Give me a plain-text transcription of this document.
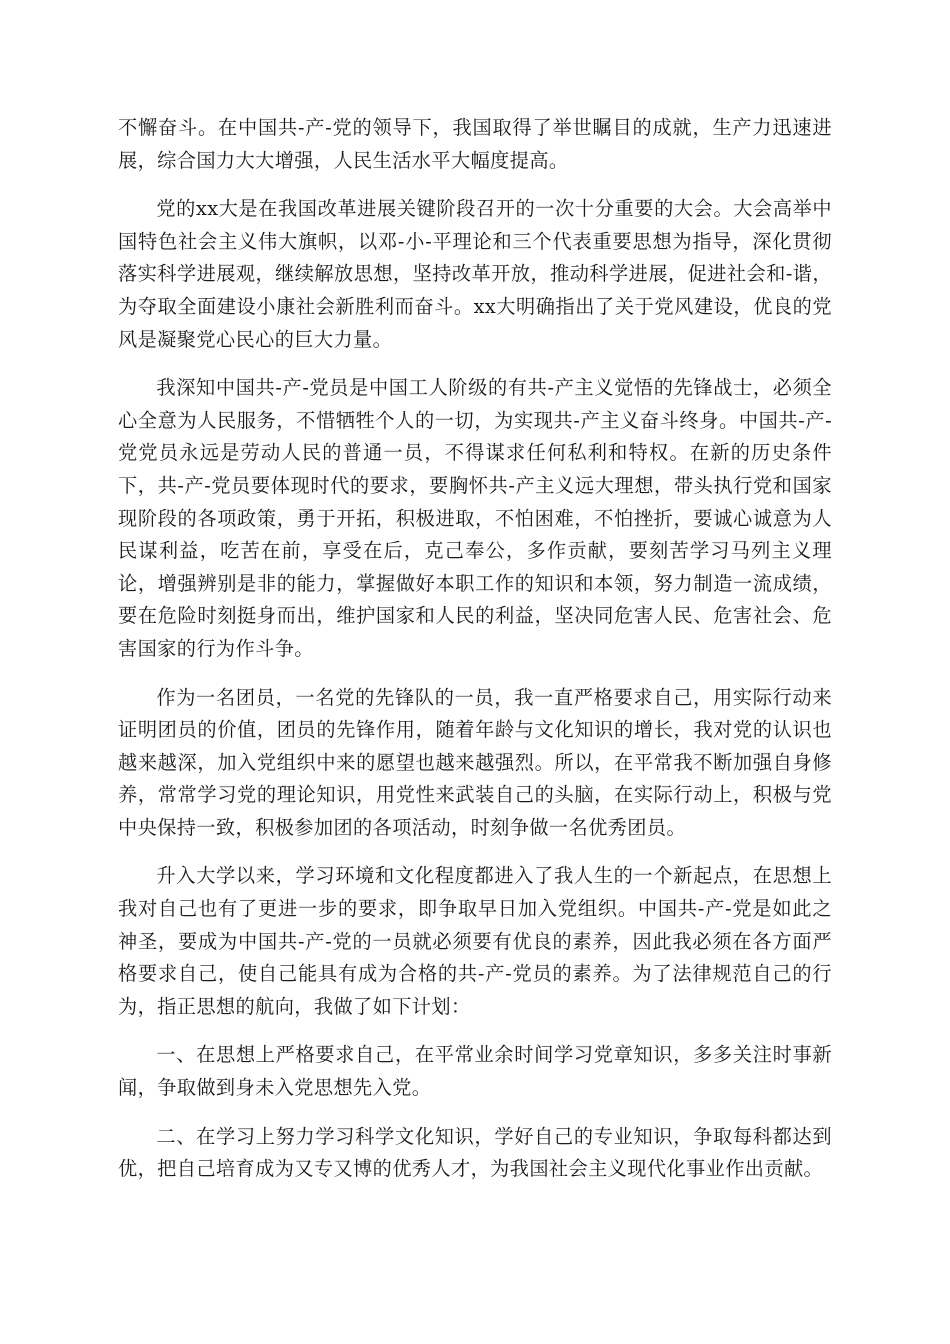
不懈奋斗。在中国共-产-党的领导下，我国取得了举世瞩目的成就，生产力迅速进展，综合国力大大增强，人民生活水平大幅度提高。

党的xx大是在我国改革进展关键阶段召开的一次十分重要的大会。大会高举中国特色社会主义伟大旗帜，以邓-小-平理论和三个代表重要思想为指导，深化贯彻落实科学进展观，继续解放思想，坚持改革开放，推动科学进展，促进社会和-谐，为夺取全面建设小康社会新胜利而奋斗。xx大明确指出了关于党风建设，优良的党风是凝聚党心民心的巨大力量。

我深知中国共-产-党员是中国工人阶级的有共-产主义觉悟的先锋战士，必须全心全意为人民服务，不惜牺牲个人的一切，为实现共-产主义奋斗终身。中国共-产-党党员永远是劳动人民的普通一员，不得谋求任何私利和特权。在新的历史条件下，共-产-党员要体现时代的要求，要胸怀共-产主义远大理想，带头执行党和国家现阶段的各项政策，勇于开拓，积极进取，不怕困难，不怕挫折，要诚心诚意为人民谋利益，吃苦在前，享受在后，克己奉公，多作贡献，要刻苦学习马列主义理论，增强辨别是非的能力，掌握做好本职工作的知识和本领，努力制造一流成绩，要在危险时刻挺身而出，维护国家和人民的利益，坚决同危害人民、危害社会、危害国家的行为作斗争。

作为一名团员，一名党的先锋队的一员，我一直严格要求自己，用实际行动来证明团员的价值，团员的先锋作用，随着年龄与文化知识的增长，我对党的认识也越来越深，加入党组织中来的愿望也越来越强烈。所以，在平常我不断加强自身修养，常常学习党的理论知识，用党性来武装自己的头脑，在实际行动上，积极与党中央保持一致，积极参加团的各项活动，时刻争做一名优秀团员。

升入大学以来，学习环境和文化程度都进入了我人生的一个新起点，在思想上我对自己也有了更进一步的要求，即争取早日加入党组织。中国共-产-党是如此之神圣，要成为中国共-产-党的一员就必须要有优良的素养，因此我必须在各方面严格要求自己，使自己能具有成为合格的共-产-党员的素养。为了法律规范自己的行为，指正思想的航向，我做了如下计划：

一、在思想上严格要求自己，在平常业余时间学习党章知识，多多关注时事新闻，争取做到身未入党思想先入党。

二、在学习上努力学习科学文化知识，学好自己的专业知识，争取每科都达到优，把自己培育成为又专又博的优秀人才，为我国社会主义现代化事业作出贡献。
